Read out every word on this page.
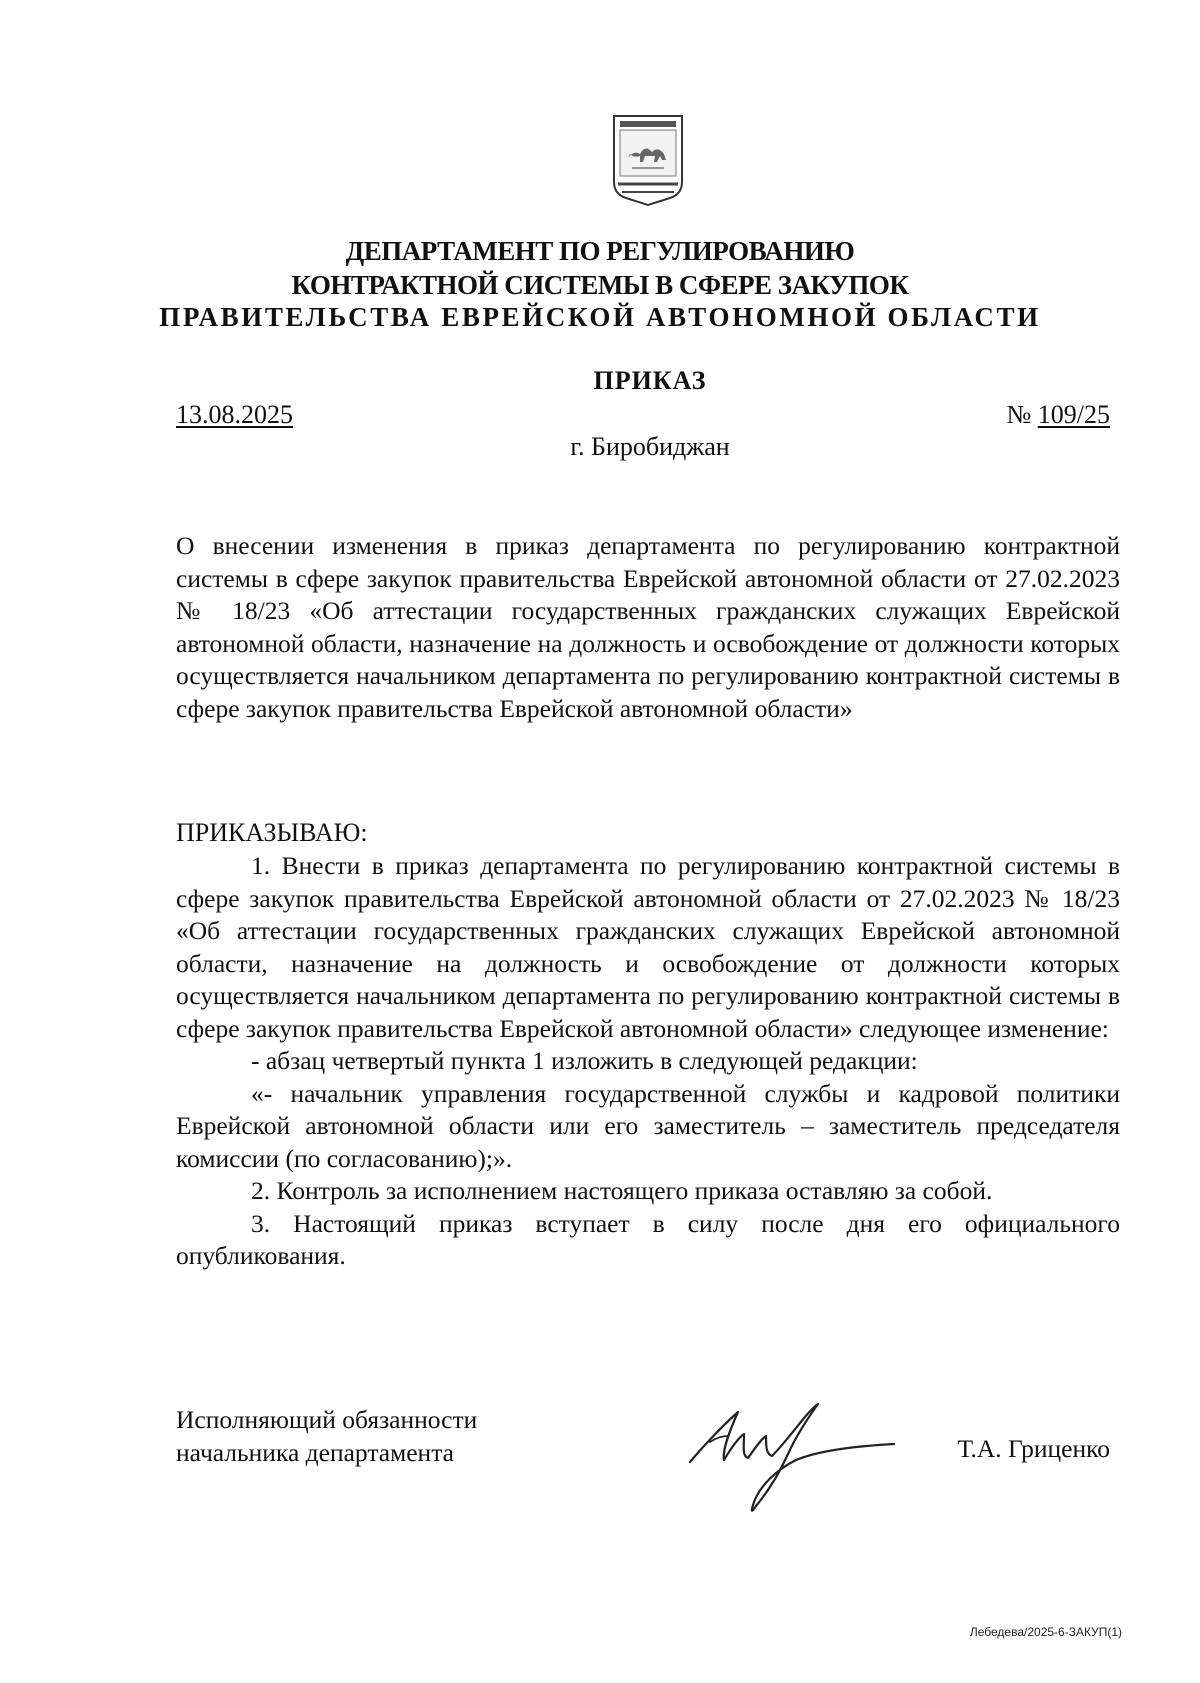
ДЕПАРТАМЕНТ ПО РЕГУЛИРОВАНИЮ
КОНТРАКТНОЙ СИСТЕМЫ В СФЕРЕ ЗАКУПОК
ПРАВИТЕЛЬСТВА ЕВРЕЙСКОЙ АВТОНОМНОЙ ОБЛАСТИ
ПРИКАЗ
13.08.2025	№ 109/25
г. Биробиджан
О внесении изменения в приказ департамента по регулированию контрактной системы в сфере закупок правительства Еврейской автономной области от 27.02.2023 № 18/23 «Об аттестации государственных гражданских служащих Еврейской автономной области, назначение на должность и освобождение от должности которых осуществляется начальником департамента по регулированию контрактной системы в сфере закупок правительства Еврейской автономной области»
ПРИКАЗЫВАЮ:

1. Внести в приказ департамента по регулированию контрактной системы в сфере закупок правительства Еврейской автономной области от 27.02.2023 № 18/23 «Об аттестации государственных гражданских служащих Еврейской автономной области, назначение на должность и освобождение от должности которых осуществляется начальником департамента по регулированию контрактной системы в сфере закупок правительства Еврейской автономной области» следующее изменение:

- абзац четвертый пункта 1 изложить в следующей редакции:

«- начальник управления государственной службы и кадровой политики Еврейской автономной области или его заместитель – заместитель председателя комиссии (по согласованию);».

2. Контроль за исполнением настоящего приказа оставляю за собой.

3. Настоящий приказ вступает в силу после дня его официального опубликования.

Исполняющий обязанности
начальника департамента	Т.А. Гриценко
Лебедева/2025-6-ЗАКУП(1)
